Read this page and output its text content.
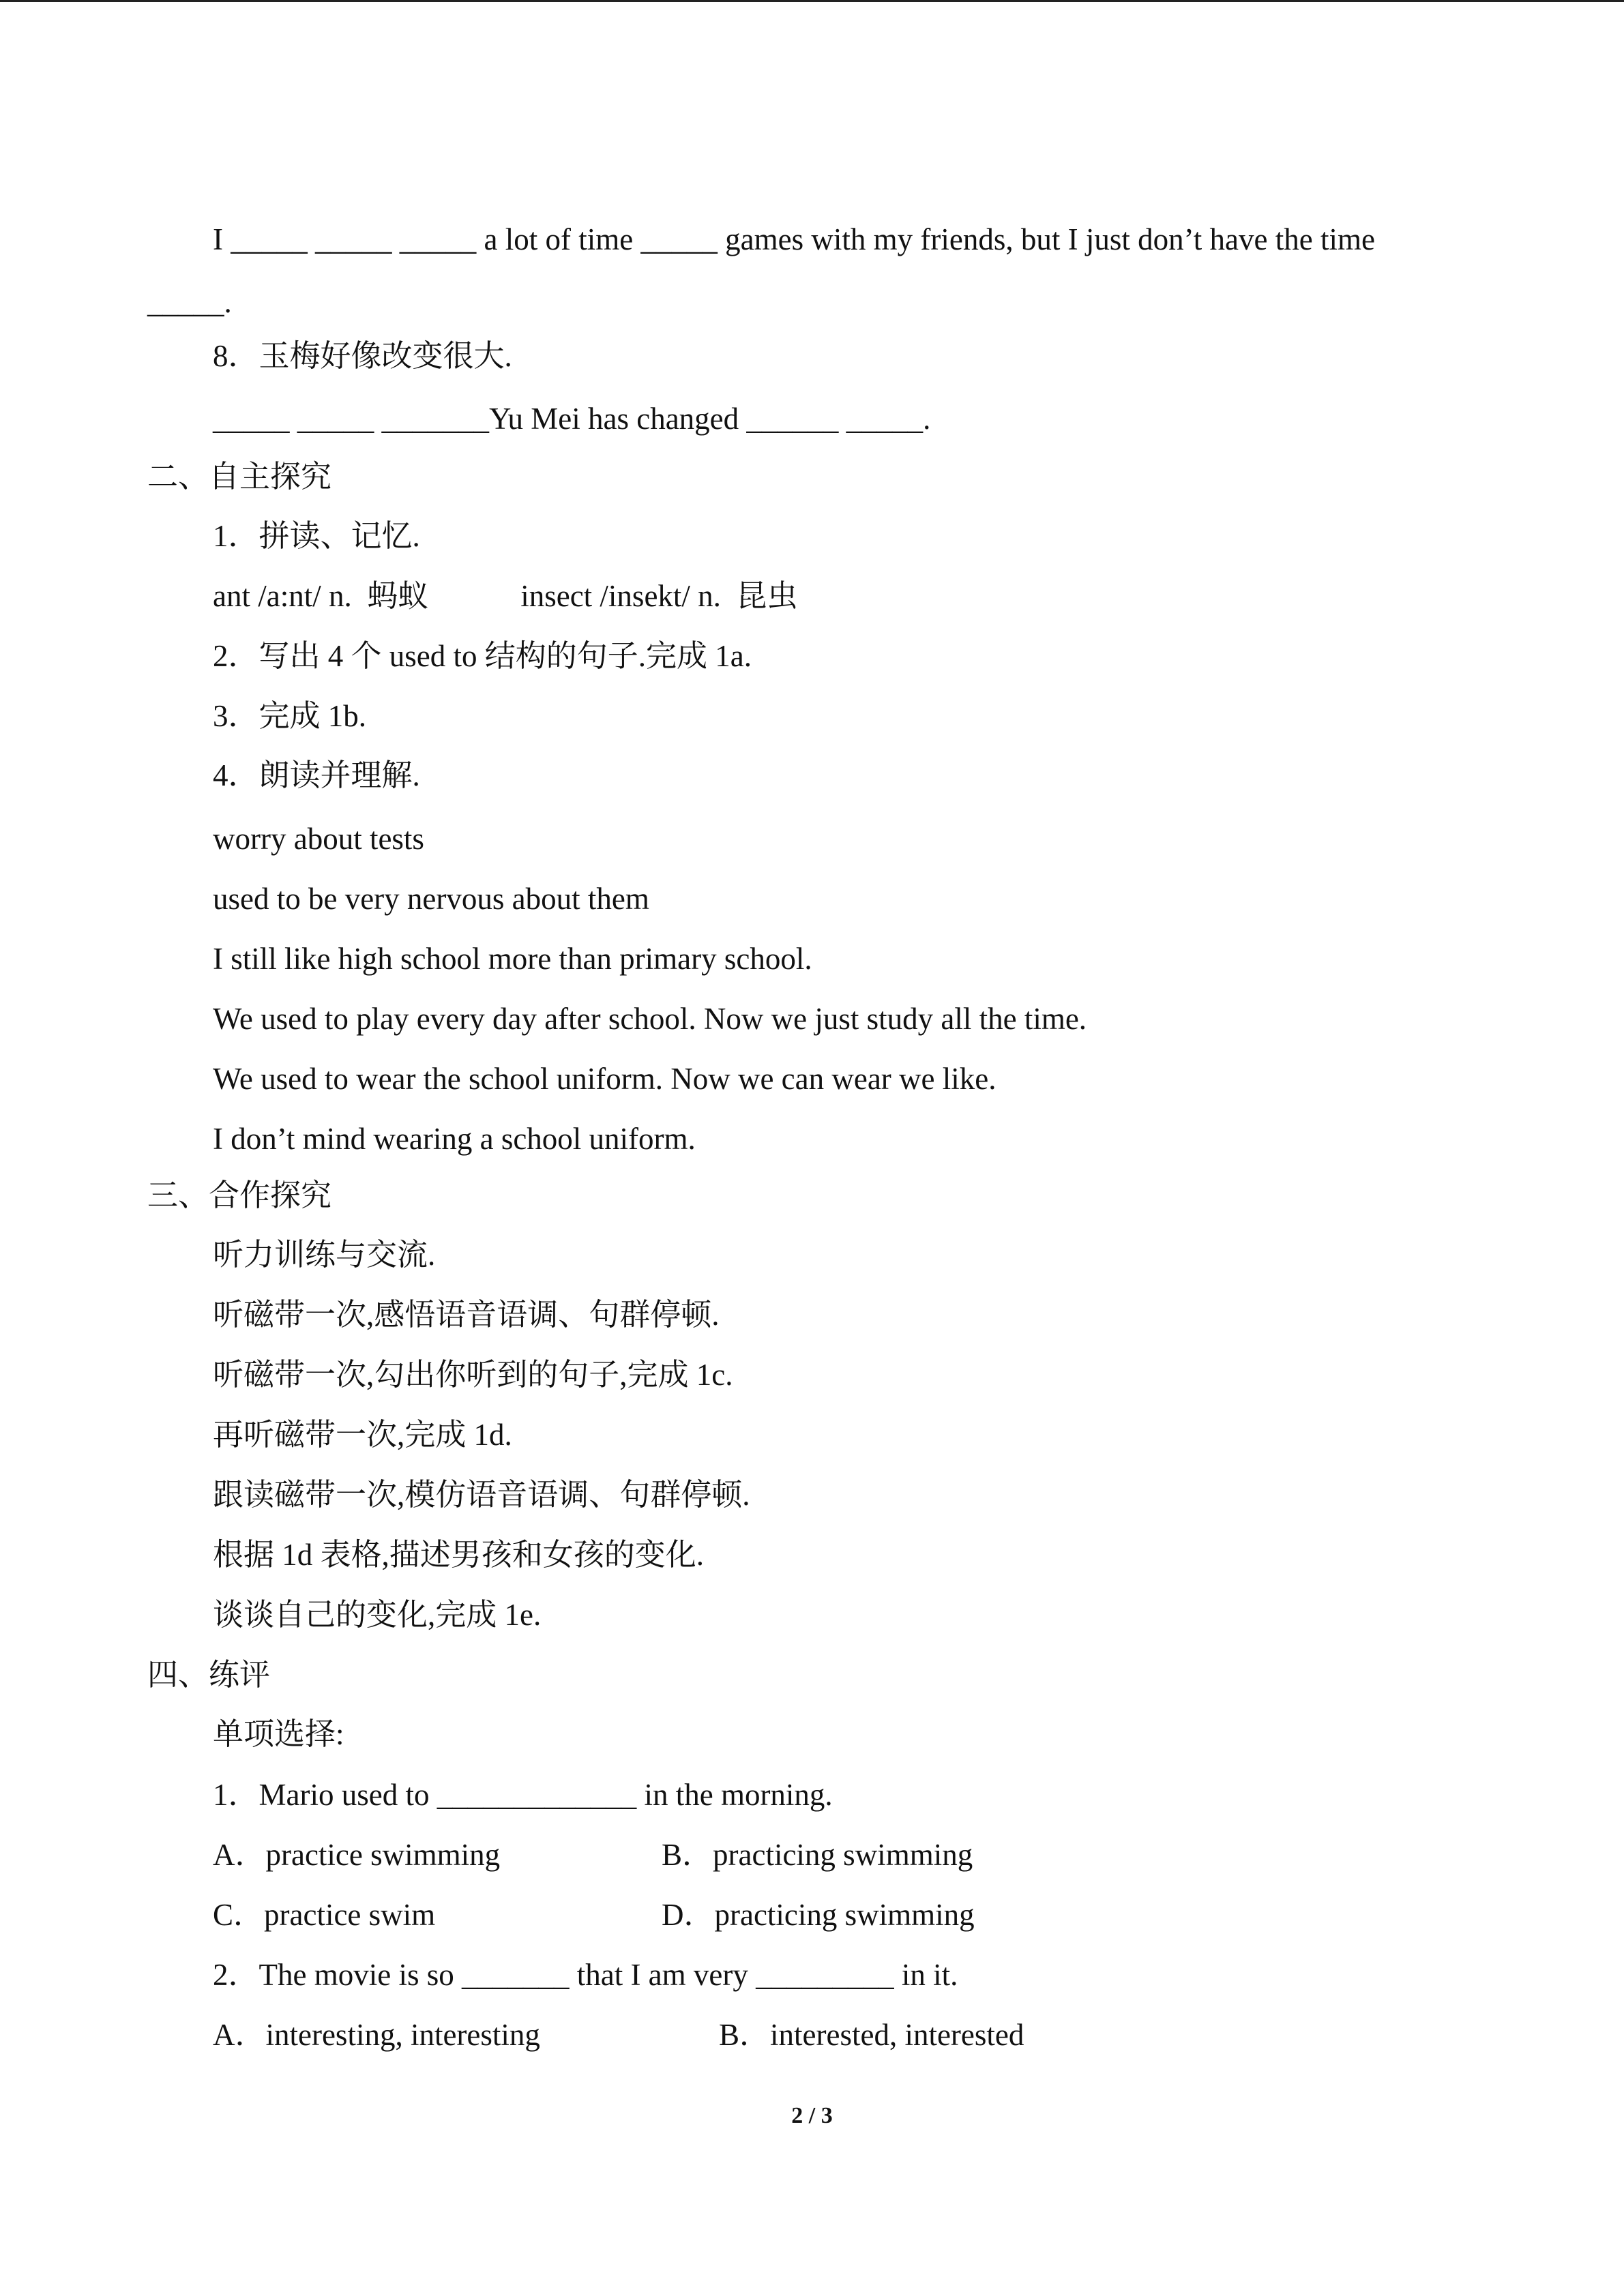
I _____ _____ _____ a lot of time _____ games with my friends, but I just don’t have the time
_____.
8．玉梅好像改变很大.
_____ _____ _______Yu Mei has changed ______ _____.
二、自主探究
1．拼读、记忆.
ant /a:nt/ n.  蚂蚁            insect /insekt/ n.  昆虫
2．写出 4 个 used to 结构的句子.完成 1a.
3．完成 1b.
4．朗读并理解.
worry about tests
used to be very nervous about them
I still like high school more than primary school.
We used to play every day after school. Now we just study all the time.
We used to wear the school uniform. Now we can wear we like.
I don’t mind wearing a school uniform.
三、合作探究
听力训练与交流.
听磁带一次,感悟语音语调、句群停顿.
听磁带一次,勾出你听到的句子,完成 1c.
再听磁带一次,完成 1d.
跟读磁带一次,模仿语音语调、句群停顿.
根据 1d 表格,描述男孩和女孩的变化.
谈谈自己的变化,完成 1e.
四、练评
单项选择:
1．Mario used to _____________ in the morning.
A．practice swimming	B．practicing swimming
C．practice swim	D．practicing swimming
2．The movie is so _______ that I am very _________ in it.
A．interesting, interesting	B．interested, interested
2 / 3
